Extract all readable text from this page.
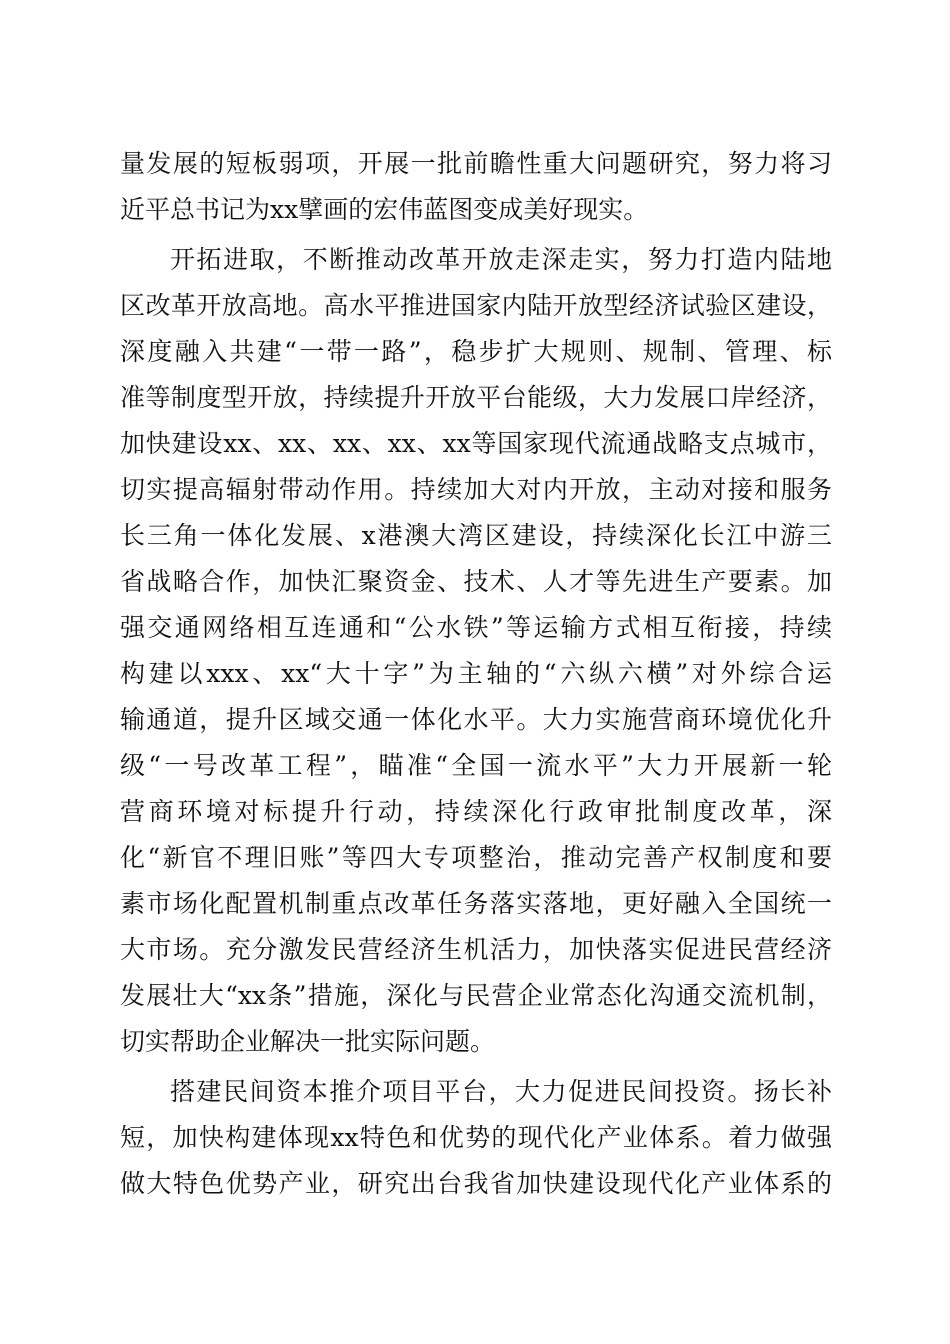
量发展的短板弱项，开展一批前瞻性重大问题研究，努力将习
近平总书记为xx擘画的宏伟蓝图变成美好现实。
开拓进取，不断推动改革开放走深走实，努力打造内陆地
区改革开放高地。高水平推进国家内陆开放型经济试验区建设，
深度融入共建“一带一路”，稳步扩大规则、规制、管理、标
准等制度型开放，持续提升开放平台能级，大力发展口岸经济，
加快建设xx、xx、xx、xx、xx等国家现代流通战略支点城市，
切实提高辐射带动作用。持续加大对内开放，主动对接和服务
长三角一体化发展、x港澳大湾区建设，持续深化长江中游三
省战略合作，加快汇聚资金、技术、人才等先进生产要素。加
强交通网络相互连通和“公水铁”等运输方式相互衔接，持续
构建以xxx、xx“大十字”为主轴的“六纵六横”对外综合运
输通道，提升区域交通一体化水平。大力实施营商环境优化升
级“一号改革工程”，瞄准“全国一流水平”大力开展新一轮
营商环境对标提升行动，持续深化行政审批制度改革，深
化“新官不理旧账”等四大专项整治，推动完善产权制度和要
素市场化配置机制重点改革任务落实落地，更好融入全国统一
大市场。充分激发民营经济生机活力，加快落实促进民营经济
发展壮大“xx条”措施，深化与民营企业常态化沟通交流机制，
切实帮助企业解决一批实际问题。
搭建民间资本推介项目平台，大力促进民间投资。扬长补
短，加快构建体现xx特色和优势的现代化产业体系。着力做强
做大特色优势产业，研究出台我省加快建设现代化产业体系的
